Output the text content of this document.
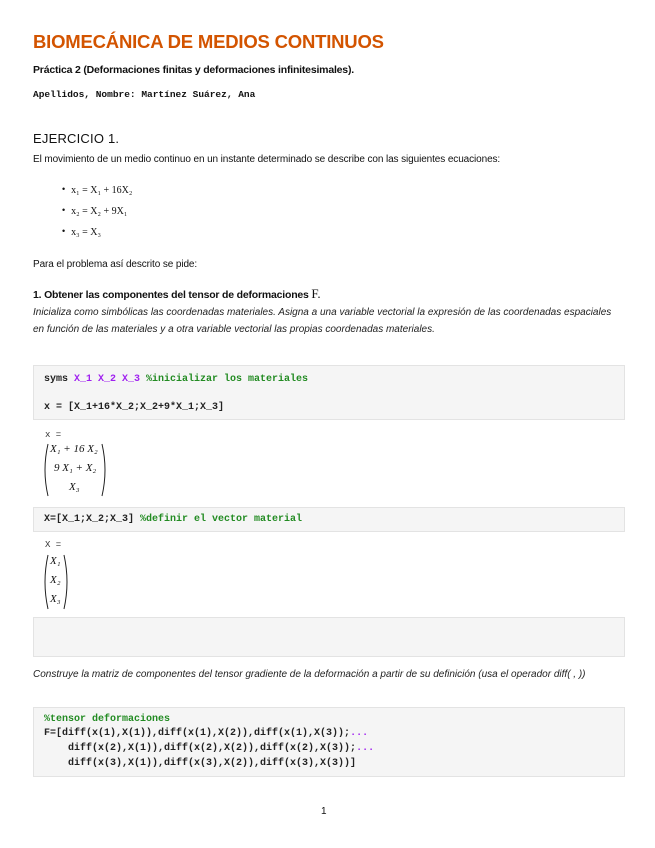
BIOMECÁNICA DE MEDIOS CONTINUOS
Práctica 2 (Deformaciones finitas y deformaciones infinitesimales).
Apellidos, Nombre: Martínez Suárez, Ana
EJERCICIO 1.
El movimiento de un medio continuo en un instante determinado se describe con las siguientes ecuaciones:
• x₁ = X₁ + 16X₂
• x₂ = X₂ + 9X₁
• x₃ = X₃
Para el problema así descrito se pide:
1. Obtener las componentes del tensor de deformaciones F.
Inicializa como simbólicas las coordenadas materiales. Asigna a una variable vectorial la expresión de las coordenadas espaciales en función de las materiales y a otra variable vectorial las propias coordenadas materiales.
syms X_1 X_2 X_3 %inicializar los materiales
x = [X_1+16*X_2;X_2+9*X_1;X_3]
x =
X₁ + 16 X₂
9 X₁ + X₂
X₃
X=[X_1;X_2;X_3] %definir el vector material
X =
X₁
X₂
X₃
Construye la matriz de componentes del tensor gradiente de la deformación a partir de su definición (usa el operador diff( , ))
%tensor deformaciones
F=[diff(x(1),X(1)),diff(x(1),X(2)),diff(x(1),X(3));...
diff(x(2),X(1)),diff(x(2),X(2)),diff(x(2),X(3));...
diff(x(3),X(1)),diff(x(3),X(2)),diff(x(3),X(3))]
1
